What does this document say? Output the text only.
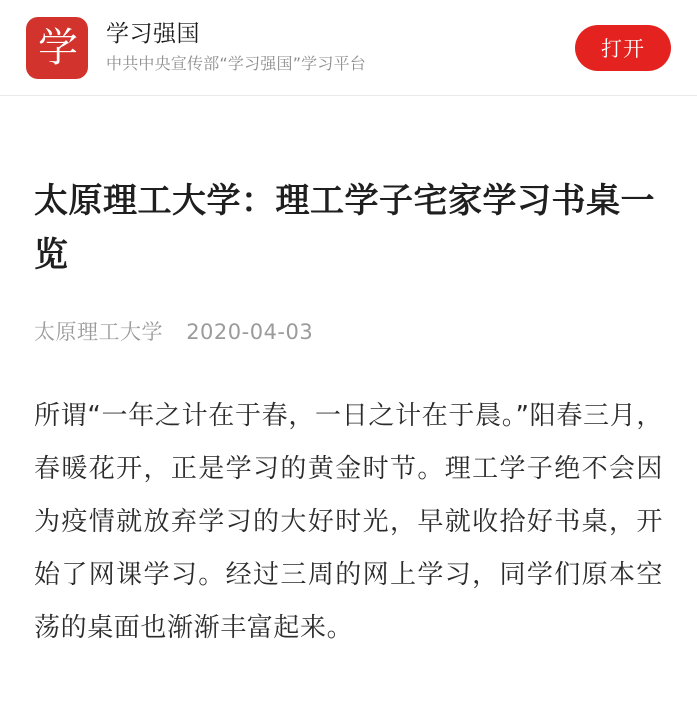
学	学习强国
中共中央宣传部“学习强国”学习平台
打开
太原理工大学：理工学子宅家学习书桌一览
太原理工大学 2020-04-03

所谓“一年之计在于春，一日之计在于晨。”阳春三月，春暖花开，正是学习的黄金时节。理工学子绝不会因为疫情就放弃学习的大好时光，早就收拾好书桌，开始了网课学习。经过三周的网上学习，同学们原本空荡的桌面也渐渐丰富起来。
